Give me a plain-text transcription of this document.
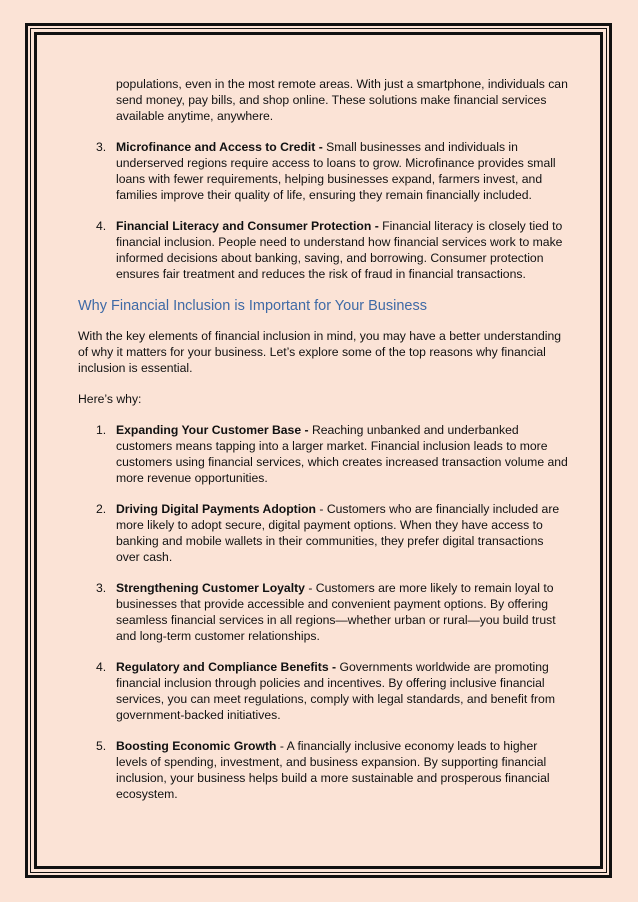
populations, even in the most remote areas. With just a smartphone, individuals can send money, pay bills, and shop online. These solutions make financial services available anytime, anywhere.
3. Microfinance and Access to Credit - Small businesses and individuals in underserved regions require access to loans to grow. Microfinance provides small loans with fewer requirements, helping businesses expand, farmers invest, and families improve their quality of life, ensuring they remain financially included.
4. Financial Literacy and Consumer Protection - Financial literacy is closely tied to financial inclusion. People need to understand how financial services work to make informed decisions about banking, saving, and borrowing. Consumer protection ensures fair treatment and reduces the risk of fraud in financial transactions.
Why Financial Inclusion is Important for Your Business

With the key elements of financial inclusion in mind, you may have a better understanding of why it matters for your business. Let’s explore some of the top reasons why financial inclusion is essential.

Here’s why:

1. Expanding Your Customer Base - Reaching unbanked and underbanked customers means tapping into a larger market. Financial inclusion leads to more customers using financial services, which creates increased transaction volume and more revenue opportunities.
2. Driving Digital Payments Adoption - Customers who are financially included are more likely to adopt secure, digital payment options. When they have access to banking and mobile wallets in their communities, they prefer digital transactions over cash.
3. Strengthening Customer Loyalty - Customers are more likely to remain loyal to businesses that provide accessible and convenient payment options. By offering seamless financial services in all regions—whether urban or rural—you build trust and long-term customer relationships.
4. Regulatory and Compliance Benefits - Governments worldwide are promoting financial inclusion through policies and incentives. By offering inclusive financial services, you can meet regulations, comply with legal standards, and benefit from government-backed initiatives.
5. Boosting Economic Growth - A financially inclusive economy leads to higher levels of spending, investment, and business expansion. By supporting financial inclusion, your business helps build a more sustainable and prosperous financial ecosystem.
